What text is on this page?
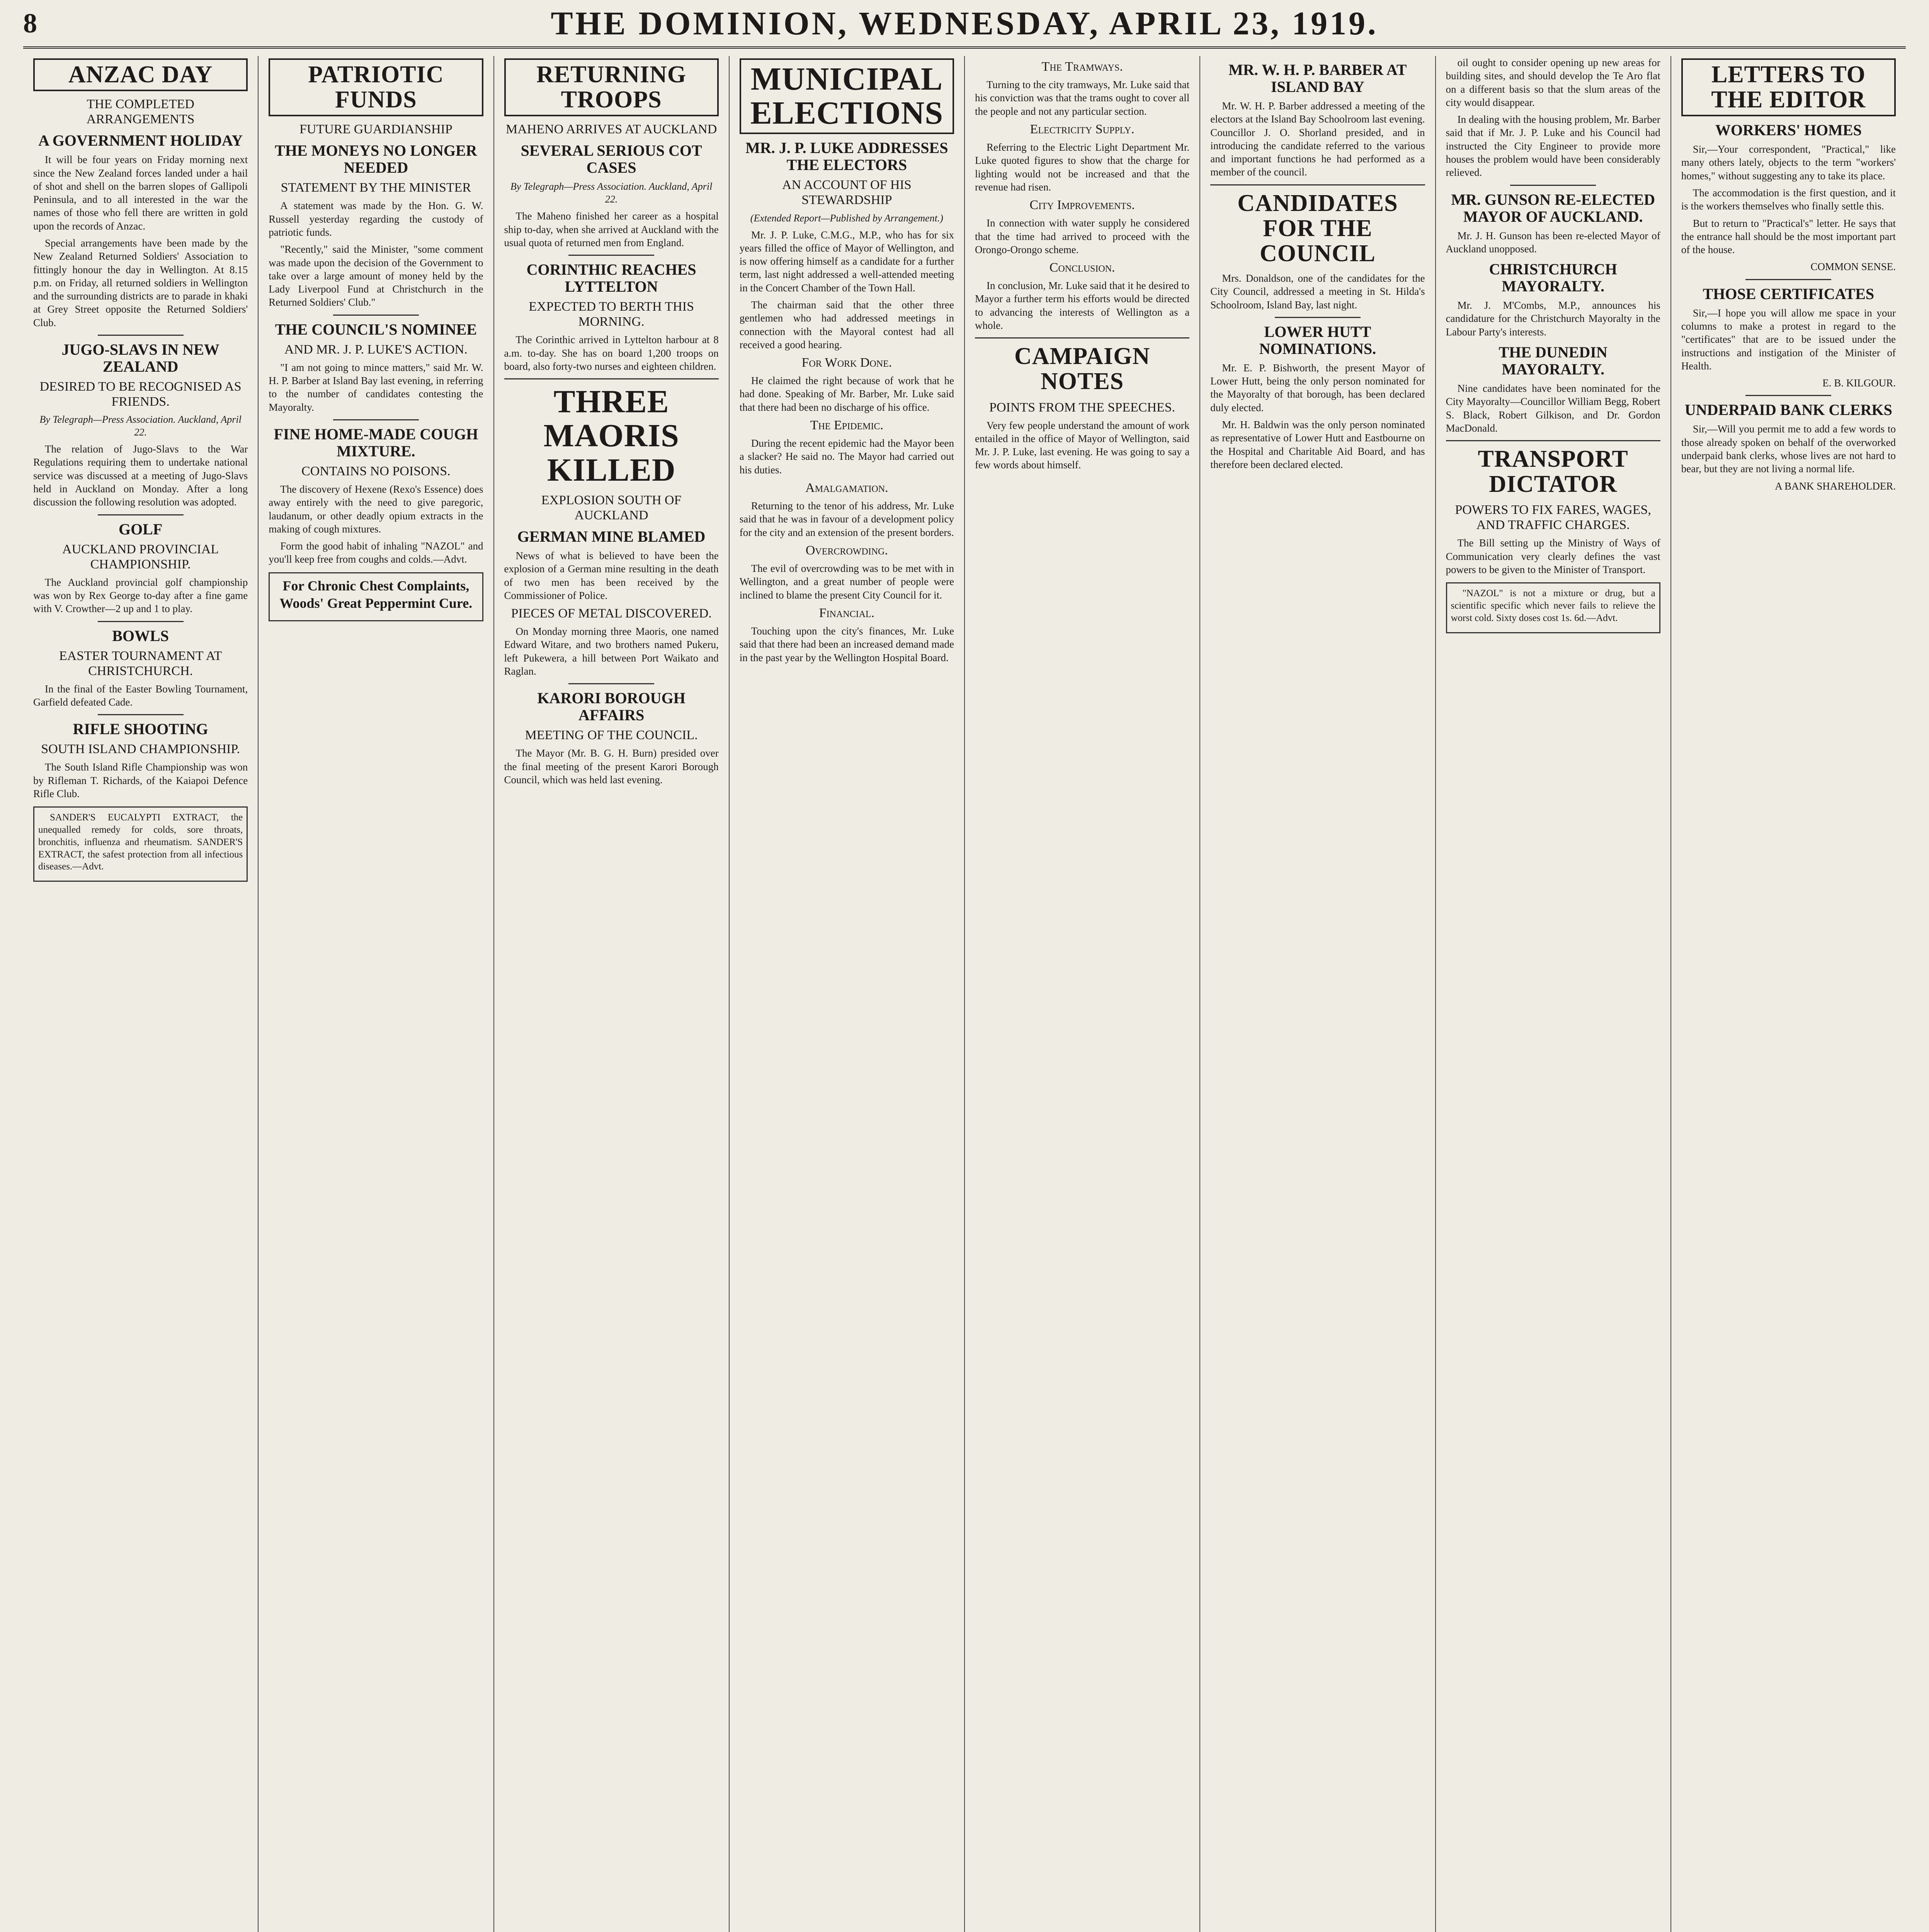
8	THE DOMINION, WEDNESDAY, APRIL 23, 1919.
ANZAC DAY
THE COMPLETED ARRANGEMENTS
A GOVERNMENT HOLIDAY

It will be four years on Friday morning next since the New Zealand forces landed under a hail of shot and shell on the barren slopes of Gallipoli Peninsula, and to all interested in the war the names of those who fell there are written in gold upon the records of Anzac.

Special arrangements have been made by the New Zealand Returned Soldiers' Association to fittingly honour the day in Wellington. At 8.15 p.m. on Friday, all returned soldiers in Wellington and the surrounding districts are to parade in khaki at Grey Street opposite the Returned Soldiers' Club.

JUGO-SLAVS IN NEW ZEALAND
DESIRED TO BE RECOGNISED AS FRIENDS.

By Telegraph—Press Association. Auckland, April 22.

The relation of Jugo-Slavs to the War Regulations requiring them to undertake national service was discussed at a meeting of Jugo-Slavs held in Auckland on Monday. After a long discussion the following resolution was adopted.

GOLF
AUCKLAND PROVINCIAL CHAMPIONSHIP.

The Auckland provincial golf championship was won by Rex George to-day after a fine game with V. Crowther—2 up and 1 to play.

BOWLS
EASTER TOURNAMENT AT CHRISTCHURCH.

In the final of the Easter Bowling Tournament, Garfield defeated Cade.

RIFLE SHOOTING
SOUTH ISLAND CHAMPIONSHIP.

The South Island Rifle Championship was won by Rifleman T. Richards, of the Kaiapoi Defence Rifle Club.

SANDER'S EUCALYPTI EXTRACT, the unequalled remedy for colds, sore throats, bronchitis, influenza and rheumatism. SANDER'S EXTRACT, the safest protection from all infectious diseases.—Advt.

PATRIOTIC FUNDS
FUTURE GUARDIANSHIP
THE MONEYS NO LONGER NEEDED
STATEMENT BY THE MINISTER

A statement was made by the Hon. G. W. Russell yesterday regarding the custody of patriotic funds.

"Recently," said the Minister, "some comment was made upon the decision of the Government to take over a large amount of money held by the Lady Liverpool Fund at Christchurch in the Returned Soldiers' Club."

THE COUNCIL'S NOMINEE
AND MR. J. P. LUKE'S ACTION.

"I am not going to mince matters," said Mr. W. H. P. Barber at Island Bay last evening, in referring to the number of candidates contesting the Mayoralty.

FINE HOME-MADE COUGH MIXTURE.
CONTAINS NO POISONS.

The discovery of Hexene (Rexo's Essence) does away entirely with the need to give paregoric, laudanum, or other deadly opium extracts in the making of cough mixtures.

Form the good habit of inhaling "NAZOL" and you'll keep free from coughs and colds.—Advt.

For Chronic Chest Complaints, Woods' Great Peppermint Cure.

RETURNING TROOPS
MAHENO ARRIVES AT AUCKLAND
SEVERAL SERIOUS COT CASES

By Telegraph—Press Association. Auckland, April 22.

The Maheno finished her career as a hospital ship to-day, when she arrived at Auckland with the usual quota of returned men from England.

CORINTHIC REACHES LYTTELTON
EXPECTED TO BERTH THIS MORNING.

The Corinthic arrived in Lyttelton harbour at 8 a.m. to-day. She has on board 1,200 troops on board, also forty-two nurses and eighteen children.

THREE MAORIS KILLED
EXPLOSION SOUTH OF AUCKLAND
GERMAN MINE BLAMED

News of what is believed to have been the explosion of a German mine resulting in the death of two men has been received by the Commissioner of Police.

PIECES OF METAL DISCOVERED.

On Monday morning three Maoris, one named Edward Witare, and two brothers named Pukeru, left Pukewera, a hill between Port Waikato and Raglan.

KARORI BOROUGH AFFAIRS
MEETING OF THE COUNCIL.

The Mayor (Mr. B. G. H. Burn) presided over the final meeting of the present Karori Borough Council, which was held last evening.

MUNICIPAL ELECTIONS
MR. J. P. LUKE ADDRESSES THE ELECTORS
AN ACCOUNT OF HIS STEWARDSHIP

(Extended Report—Published by Arrangement.)

Mr. J. P. Luke, C.M.G., M.P., who has for six years filled the office of Mayor of Wellington, and is now offering himself as a candidate for a further term, last night addressed a well-attended meeting in the Concert Chamber of the Town Hall.

The chairman said that the other three gentlemen who had addressed meetings in connection with the Mayoral contest had all received a good hearing.

For Work Done.

He claimed the right because of work that he had done. Speaking of Mr. Barber, Mr. Luke said that there had been no discharge of his office.

The Epidemic.

During the recent epidemic had the Mayor been a slacker? He said no. The Mayor had carried out his duties.

Amalgamation.

Returning to the tenor of his address, Mr. Luke said that he was in favour of a development policy for the city and an extension of the present borders.

Overcrowding.

The evil of overcrowding was to be met with in Wellington, and a great number of people were inclined to blame the present City Council for it.

Financial.

Touching upon the city's finances, Mr. Luke said that there had been an increased demand made in the past year by the Wellington Hospital Board.

The Tramways.

Turning to the city tramways, Mr. Luke said that his conviction was that the trams ought to cover all the people and not any particular section.

Electricity Supply.

Referring to the Electric Light Department Mr. Luke quoted figures to show that the charge for lighting would not be increased and that the revenue had risen.

City Improvements.

In connection with water supply he considered that the time had arrived to proceed with the Orongo-Orongo scheme.

Conclusion.

In conclusion, Mr. Luke said that it he desired to Mayor a further term his efforts would be directed to advancing the interests of Wellington as a whole.

CAMPAIGN NOTES
POINTS FROM THE SPEECHES.

Very few people understand the amount of work entailed in the office of Mayor of Wellington, said Mr. J. P. Luke, last evening. He was going to say a few words about himself.

MR. W. H. P. BARBER AT ISLAND BAY

Mr. W. H. P. Barber addressed a meeting of the electors at the Island Bay Schoolroom last evening. Councillor J. O. Shorland presided, and in introducing the candidate referred to the various and important functions he had performed as a member of the council.

CANDIDATES FOR THE COUNCIL

Mrs. Donaldson, one of the candidates for the City Council, addressed a meeting in St. Hilda's Schoolroom, Island Bay, last night.

LOWER HUTT NOMINATIONS.

Mr. E. P. Bishworth, the present Mayor of Lower Hutt, being the only person nominated for the Mayoralty of that borough, has been declared duly elected.

Mr. H. Baldwin was the only person nominated as representative of Lower Hutt and Eastbourne on the Hospital and Charitable Aid Board, and has therefore been declared elected.

oil ought to consider opening up new areas for building sites, and should develop the Te Aro flat on a different basis so that the slum areas of the city would disappear.

In dealing with the housing problem, Mr. Barber said that if Mr. J. P. Luke and his Council had instructed the City Engineer to provide more houses the problem would have been considerably relieved.

MR. GUNSON RE-ELECTED MAYOR OF AUCKLAND.

Mr. J. H. Gunson has been re-elected Mayor of Auckland unopposed.

CHRISTCHURCH MAYORALTY.

Mr. J. M'Combs, M.P., announces his candidature for the Christchurch Mayoralty in the Labour Party's interests.

THE DUNEDIN MAYORALTY.

Nine candidates have been nominated for the City Mayoralty—Councillor William Begg, Robert S. Black, Robert Gilkison, and Dr. Gordon MacDonald.

TRANSPORT DICTATOR
POWERS TO FIX FARES, WAGES, AND TRAFFIC CHARGES.

The Bill setting up the Ministry of Ways of Communication very clearly defines the vast powers to be given to the Minister of Transport.

"NAZOL" is not a mixture or drug, but a scientific specific which never fails to relieve the worst cold. Sixty doses cost 1s. 6d.—Advt.

LETTERS TO THE EDITOR
WORKERS' HOMES

Sir,—Your correspondent, "Practical," like many others lately, objects to the term "workers' homes," without suggesting any to take its place.

The accommodation is the first question, and it is the workers themselves who finally settle this.

But to return to "Practical's" letter. He says that the entrance hall should be the most important part of the house.

COMMON SENSE.

THOSE CERTIFICATES

Sir,—I hope you will allow me space in your columns to make a protest in regard to the "certificates" that are to be issued under the instructions and instigation of the Minister of Health.

E. B. KILGOUR.

UNDERPAID BANK CLERKS

Sir,—Will you permit me to add a few words to those already spoken on behalf of the overworked underpaid bank clerks, whose lives are not hard to bear, but they are not living a normal life.

A BANK SHAREHOLDER.
